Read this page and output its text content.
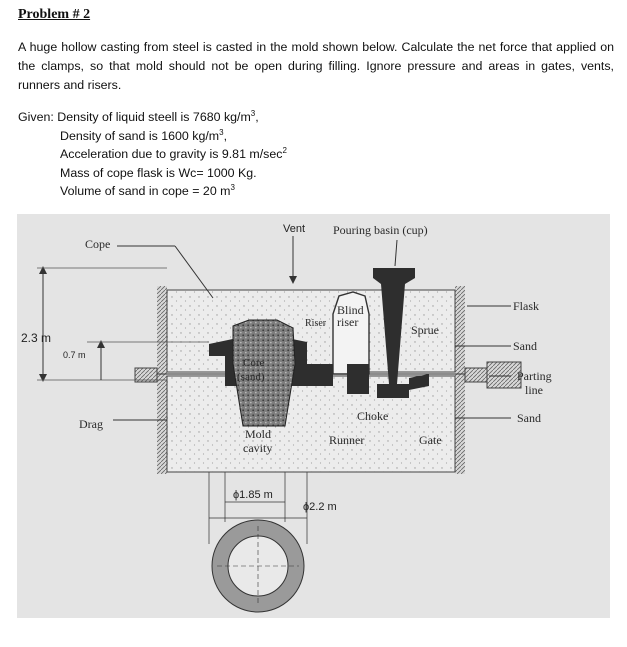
Problem # 2
A huge hollow casting from steel is casted in the mold shown below. Calculate the net force that applied on the clamps, so that mold should not be open during filling. Ignore pressure and areas in gates, vents, runners and risers.
Given: Density of liquid steell is 7680 $kg/m^3$,
Density of sand is 1600 $kg/m^3$,
Acceleration due to gravity is 9.81 $m/\sec^2$
Mass of cope flask is Wc= 1000 Kg.
Volume of sand in cope = 20 $m^3$
Cope
Drag
Vent Pouring basin (cup)
Flask
Sand
Parting
line
Sand
Riser
Blind
riser
Sprue
Core
(sand)
Choke
Runner	Gate
Mold
cavity
2.3 m
0.7 m
ϕ1.85 m
ϕ2.2 m
